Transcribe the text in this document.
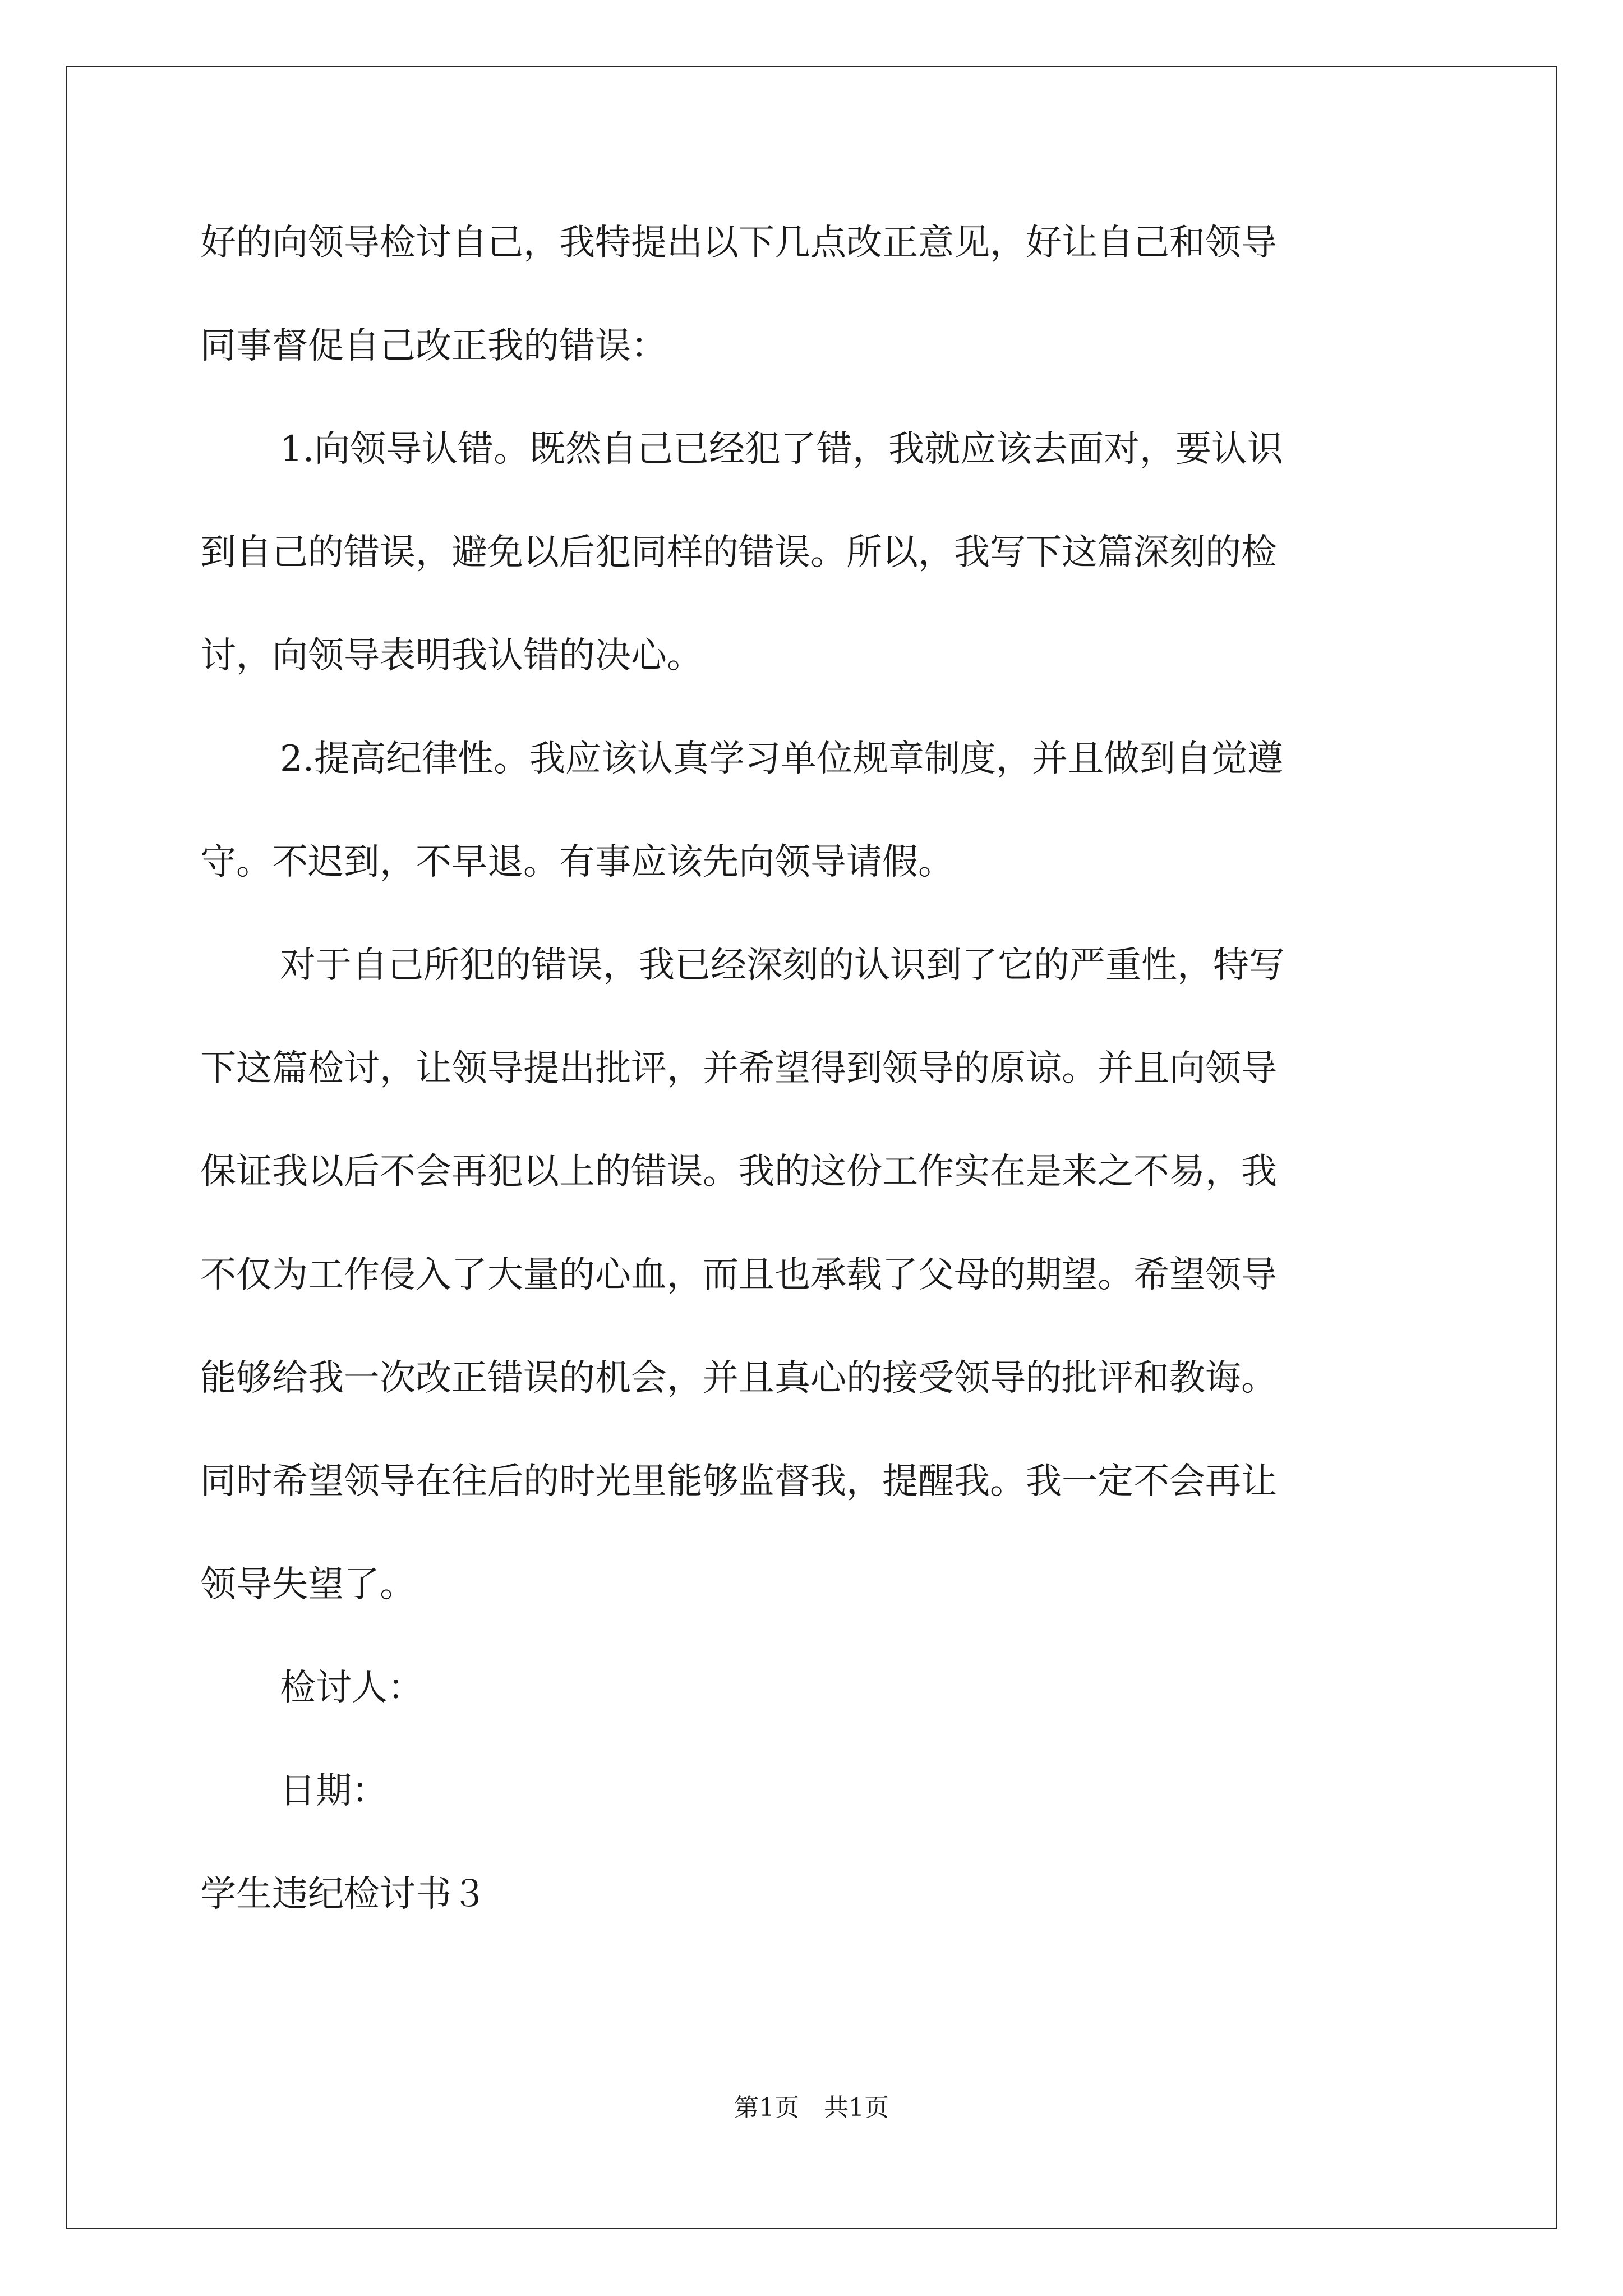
好的向领导检讨自己，我特提出以下几点改正意见，好让自己和领导
同事督促自己改正我的错误：
1.向领导认错。既然自己已经犯了错，我就应该去面对，要认识
到自己的错误，避免以后犯同样的错误。所以，我写下这篇深刻的检
讨，向领导表明我认错的决心。
2.提高纪律性。我应该认真学习单位规章制度，并且做到自觉遵
守。不迟到，不早退。有事应该先向领导请假。
对于自己所犯的错误，我已经深刻的认识到了它的严重性，特写
下这篇检讨，让领导提出批评，并希望得到领导的原谅。并且向领导
保证我以后不会再犯以上的错误。我的这份工作实在是来之不易，我
不仅为工作侵入了大量的心血，而且也承载了父母的期望。希望领导
能够给我一次改正错误的机会，并且真心的接受领导的批评和教诲。
同时希望领导在往后的时光里能够监督我，提醒我。我一定不会再让
领导失望了。
检讨人：
日期：
学生违纪检讨书３
第1页　共1页
